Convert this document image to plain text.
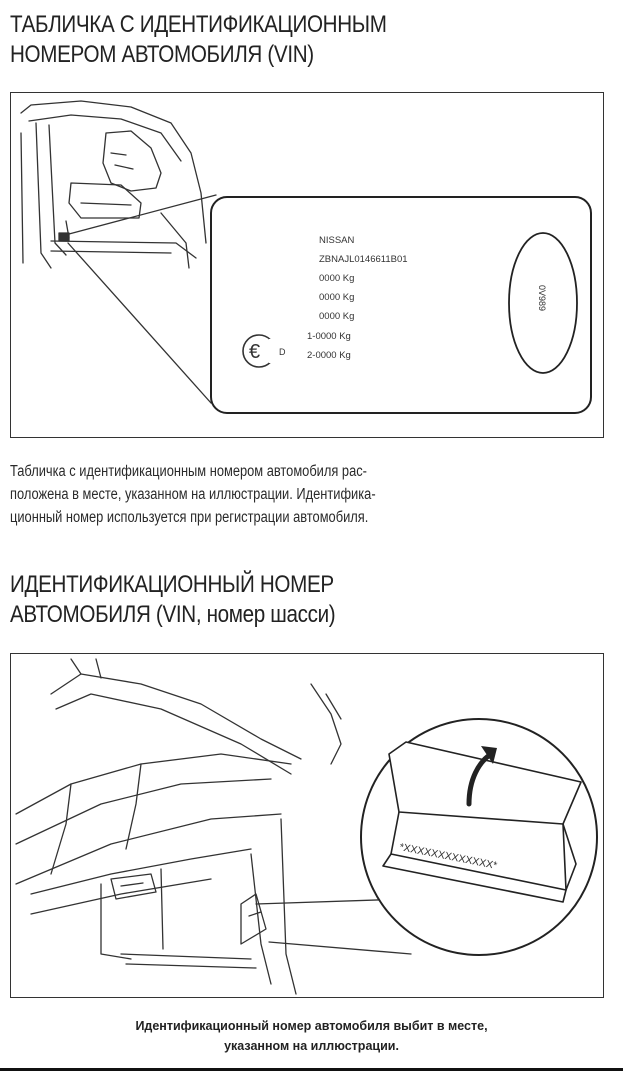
ТАБЛИЧКА С ИДЕНТИФИКАЦИОННЫМ
НОМЕРОМ АВТОМОБИЛЯ (VIN)
NISSAN
ZBNAJL0146611B01
0000 Kg
0000 Kg
0000 Kg
1-0000 Kg
2-0000 Kg
€ D
0V989
Табличка с идентификационным номером автомобиля рас-
положена в месте, указанном на иллюстрации. Идентифика-
ционный номер используется при регистрации автомобиля.
ИДЕНТИФИКАЦИОННЫЙ НОМЕР
АВТОМОБИЛЯ (VIN, номер шасси)
*XXXXXXXXXXXXX*
Идентификационный номер автомобиля выбит в месте,
указанном на иллюстрации.
